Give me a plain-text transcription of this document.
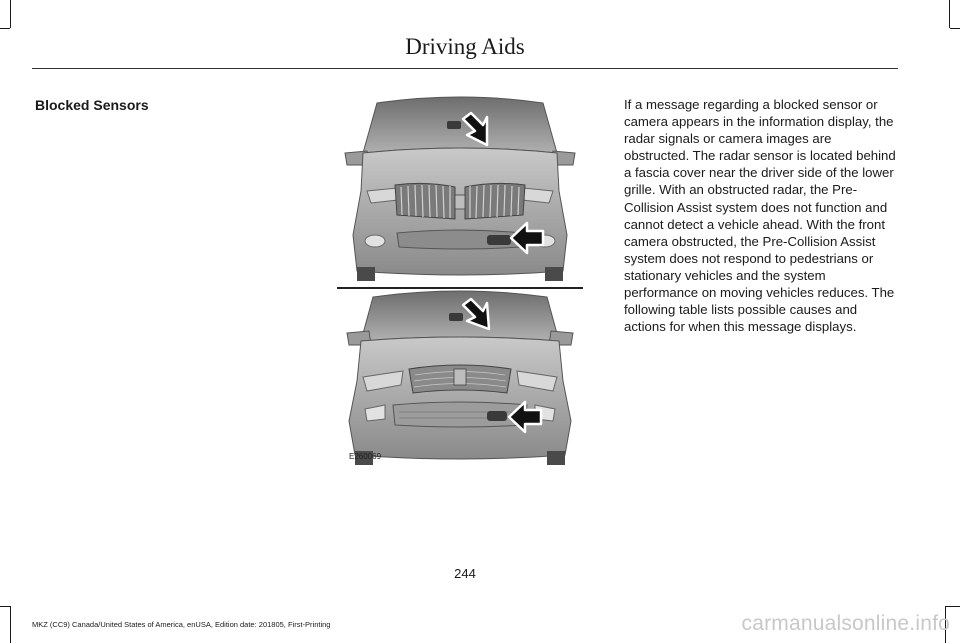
Driving Aids
Blocked Sensors
E260069
If a message regarding a blocked sensor or camera appears in the information display, the radar signals or camera images are obstructed. The radar sensor is located behind a fascia cover near the driver side of the lower grille. With an obstructed radar, the Pre-Collision Assist system does not function and cannot detect a vehicle ahead. With the front camera obstructed, the Pre-Collision Assist system does not respond to pedestrians or stationary vehicles and the system performance on moving vehicles reduces. The following table lists possible causes and actions for when this message displays.
244
MKZ (CC9) Canada/United States of America, enUSA, Edition date: 201805, First-Printing	carmanualsonline.info
